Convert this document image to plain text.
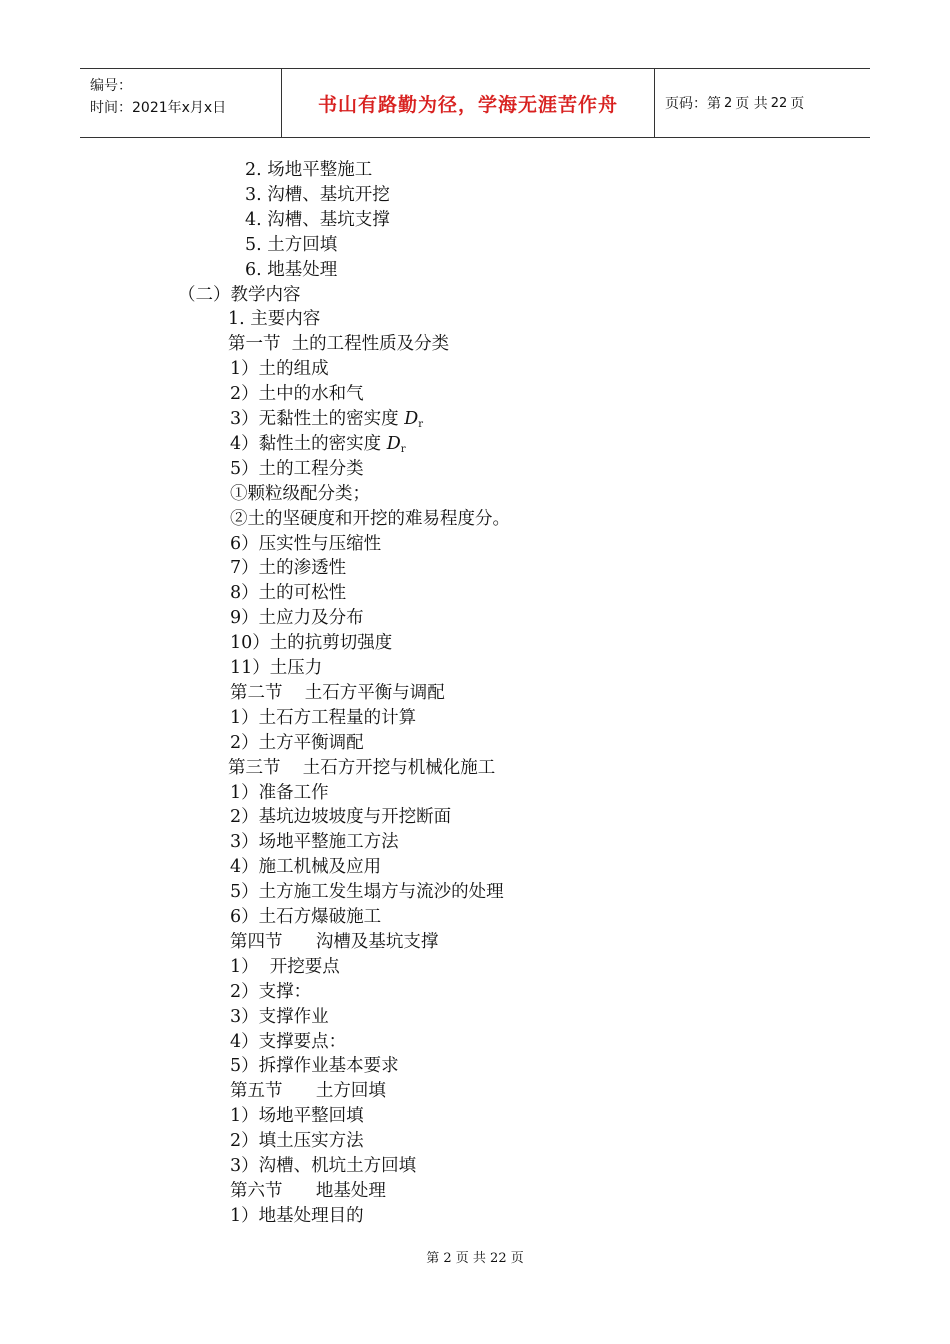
编号：
时间：2021年x月x日	书山有路勤为径，学海无涯苦作舟	页码：第 2 页 共 22 页
2. 场地平整施工
3. 沟槽、基坑开挖
4. 沟槽、基坑支撑
5. 土方回填
6. 地基处理
（二）教学内容
1. 主要内容
第一节  土的工程性质及分类
1）土的组成
2）土中的水和气
3）无黏性土的密实度 $D_r$
4）黏性土的密实度 $D_r$
5）土的工程分类
①颗粒级配分类；
②土的坚硬度和开挖的难易程度分。
6）压实性与压缩性
7）土的渗透性
8）土的可松性
9）土应力及分布
10）土的抗剪切强度
11）土压力
第二节    土石方平衡与调配
1）土石方工程量的计算
2）土方平衡调配
第三节    土石方开挖与机械化施工
1）准备工作
2）基坑边坡坡度与开挖断面
3）场地平整施工方法
4）施工机械及应用
5）土方施工发生塌方与流沙的处理
6）土石方爆破施工
第四节      沟槽及基坑支撑
1）  开挖要点
2）支撑：
3）支撑作业
4）支撑要点：
5）拆撑作业基本要求
第五节      土方回填
1）场地平整回填
2）填土压实方法
3）沟槽、机坑土方回填
第六节      地基处理
1）地基处理目的
第 2 页 共 22 页
